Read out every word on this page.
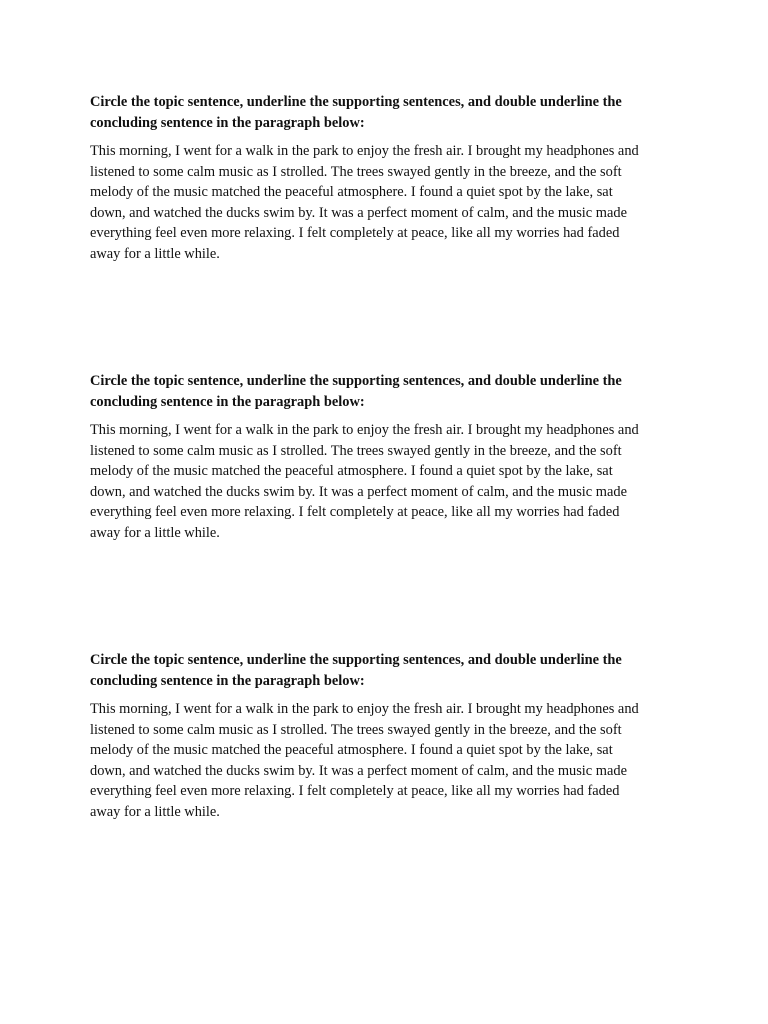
Circle the topic sentence, underline the supporting sentences, and double underline the
concluding sentence in the paragraph below:

This morning, I went for a walk in the park to enjoy the fresh air. I brought my headphones and
listened to some calm music as I strolled. The trees swayed gently in the breeze, and the soft
melody of the music matched the peaceful atmosphere. I found a quiet spot by the lake, sat
down, and watched the ducks swim by. It was a perfect moment of calm, and the music made
everything feel even more relaxing. I felt completely at peace, like all my worries had faded
away for a little while.

Circle the topic sentence, underline the supporting sentences, and double underline the
concluding sentence in the paragraph below:

This morning, I went for a walk in the park to enjoy the fresh air. I brought my headphones and
listened to some calm music as I strolled. The trees swayed gently in the breeze, and the soft
melody of the music matched the peaceful atmosphere. I found a quiet spot by the lake, sat
down, and watched the ducks swim by. It was a perfect moment of calm, and the music made
everything feel even more relaxing. I felt completely at peace, like all my worries had faded
away for a little while.

Circle the topic sentence, underline the supporting sentences, and double underline the
concluding sentence in the paragraph below:

This morning, I went for a walk in the park to enjoy the fresh air. I brought my headphones and
listened to some calm music as I strolled. The trees swayed gently in the breeze, and the soft
melody of the music matched the peaceful atmosphere. I found a quiet spot by the lake, sat
down, and watched the ducks swim by. It was a perfect moment of calm, and the music made
everything feel even more relaxing. I felt completely at peace, like all my worries had faded
away for a little while.
